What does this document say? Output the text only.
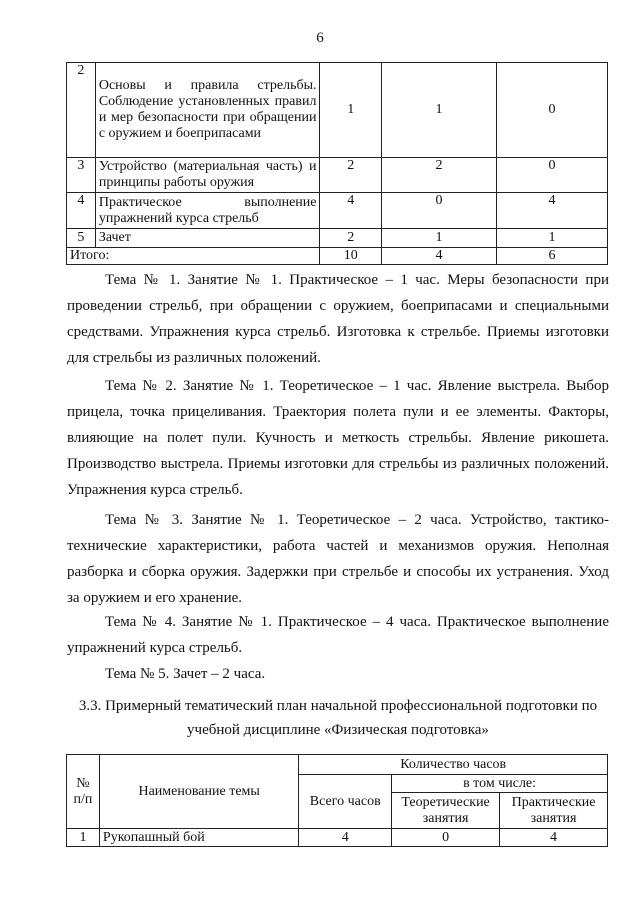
6
2	Основы и правила стрельбы. Соблюдение установленных правил и мер безопасности при обращении с оружием и боеприпасами	1	1	0
3	Устройство (материальная часть) и принципы работы оружия	2	2	0
4	Практическое выполнение упражнений курса стрельб	4	0	4
5	Зачет	2	1	1
Итого:		10	4	6

Тема № 1. Занятие № 1. Практическое – 1 час. Меры безопасности при проведении стрельб, при обращении с оружием, боеприпасами и специальными средствами. Упражнения курса стрельб. Изготовка к стрельбе. Приемы изготовки для стрельбы из различных положений.

Тема № 2. Занятие № 1. Теоретическое – 1 час. Явление выстрела. Выбор прицела, точка прицеливания. Траектория полета пули и ее элементы. Факторы, влияющие на полет пули. Кучность и меткость стрельбы. Явление рикошета. Производство выстрела. Приемы изготовки для стрельбы из различных положений. Упражнения курса стрельб.

Тема № 3. Занятие № 1. Теоретическое – 2 часа. Устройство, тактико-технические характеристики, работа частей и механизмов оружия. Неполная разборка и сборка оружия. Задержки при стрельбе и способы их устранения. Уход за оружием и его хранение.

Тема № 4. Занятие № 1. Практическое – 4 часа. Практическое выполнение упражнений курса стрельб.

Тема № 5. Зачет – 2 часа.

3.3. Примерный тематический план начальной профессиональной подготовки по учебной дисциплине «Физическая подготовка»

№ п/п	Наименование темы	Количество часов		
		Всего часов	в том числе:	
			Теоретические занятия	Практические занятия
1	Рукопашный бой	4	0	4
